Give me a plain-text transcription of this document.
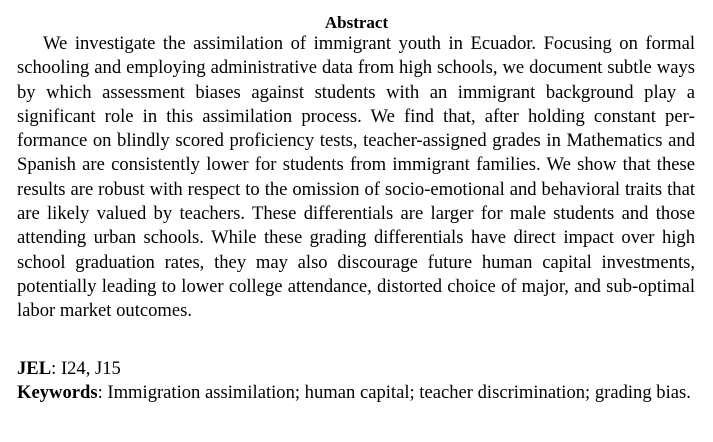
Abstract

We investigate the assimilation of immigrant youth in Ecuador. Focusing on formal schooling and employing administrative data from high schools, we document subtle ways by which assessment biases against students with an immigrant background play a significant role in this assimilation process. We find that, after holding constant performance on blindly scored proficiency tests, teacher-assigned grades in Mathematics and Spanish are consistently lower for students from immigrant families. We show that these results are robust with respect to the omission of socio-emotional and behavioral traits that are likely valued by teachers. These differentials are larger for male students and those attending urban schools. While these grading differentials have direct impact over high school graduation rates, they may also discourage future human capital investments, potentially leading to lower college attendance, distorted choice of major, and sub-optimal labor market outcomes.

JEL: I24, J15

Keywords: Immigration assimilation; human capital; teacher discrimination; grading bias.
